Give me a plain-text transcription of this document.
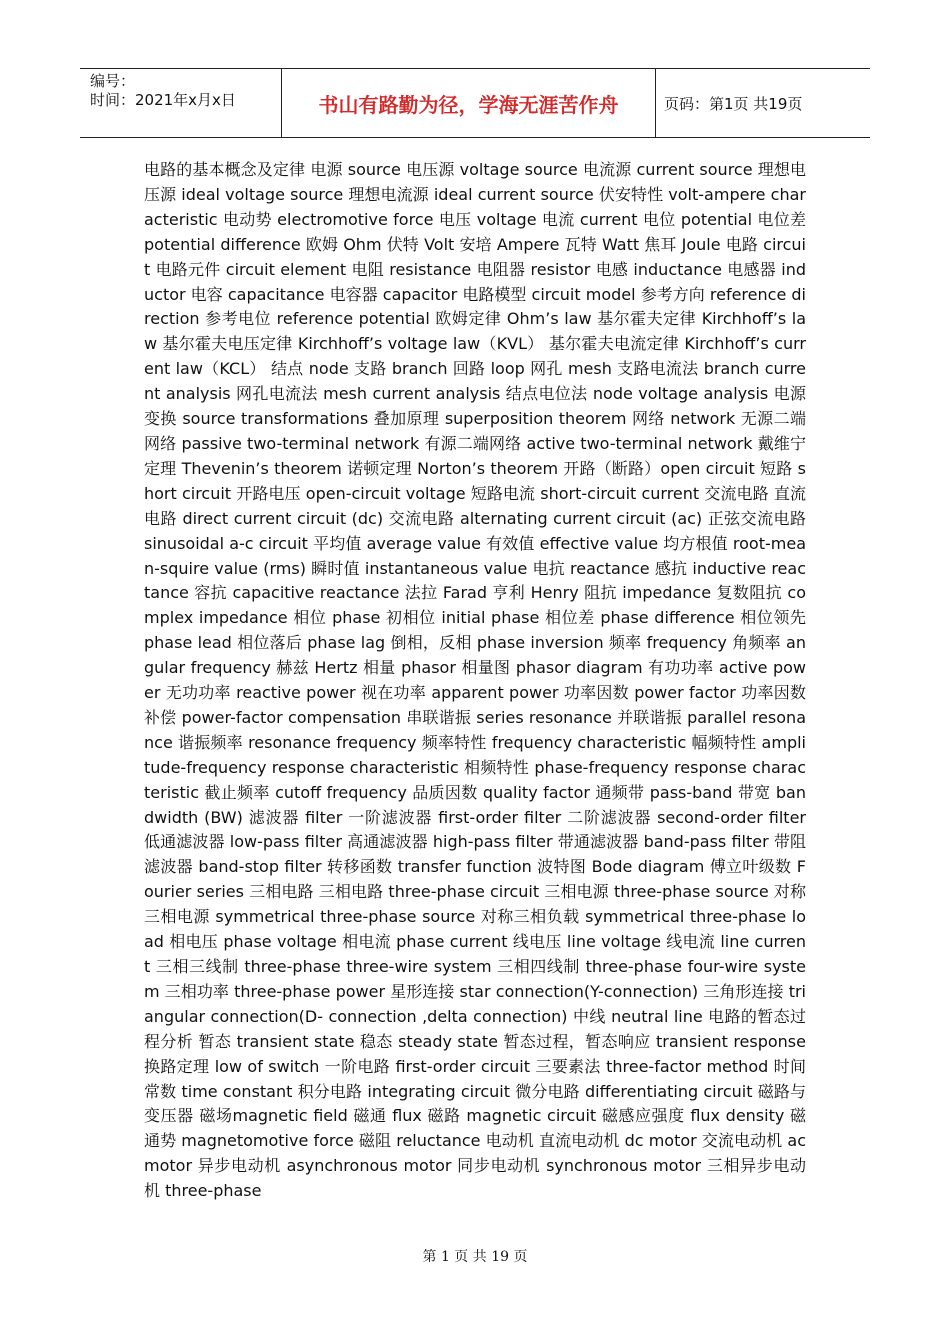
编号：
时间：2021年x月x日	书山有路勤为径，学海无涯苦作舟	页码：第1页 共19页

电路的基本概念及定律 电源 source 电压源 voltage source 电流源 current source 理想电压源 ideal voltage source 理想电流源 ideal current source 伏安特性 volt-ampere characteristic 电动势 electromotive force 电压 voltage 电流 current 电位 potential 电位差 potential difference 欧姆 Ohm 伏特 Volt 安培 Ampere 瓦特 Watt 焦耳 Joule 电路 circuit 电路元件 circuit element 电阻 resistance 电阻器 resistor 电感 inductance 电感器 inductor 电容 capacitance 电容器 capacitor 电路模型 circuit model 参考方向 reference direction 参考电位 reference potential 欧姆定律 Ohm’s law 基尔霍夫定律 Kirchhoff’s law 基尔霍夫电压定律 Kirchhoff’s voltage law（KVL） 基尔霍夫电流定律 Kirchhoff’s current law（KCL） 结点 node 支路 branch 回路 loop 网孔 mesh 支路电流法 branch current analysis 网孔电流法 mesh current analysis 结点电位法 node voltage analysis 电源变换 source transformations 叠加原理 superposition theorem 网络 network 无源二端网络 passive two-terminal network 有源二端网络 active two-terminal network 戴维宁定理 Thevenin’s theorem 诺顿定理 Norton’s theorem 开路（断路）open circuit 短路 short circuit 开路电压 open-circuit voltage 短路电流 short-circuit current 交流电路 直流电路 direct current circuit (dc) 交流电路 alternating current circuit (ac) 正弦交流电路 sinusoidal a-c circuit 平均值 average value 有效值 effective value 均方根值 root-mean-squire value (rms) 瞬时值 instantaneous value 电抗 reactance 感抗 inductive reactance 容抗 capacitive reactance 法拉 Farad 亨利 Henry 阻抗 impedance 复数阻抗 complex impedance 相位 phase 初相位 initial phase 相位差 phase difference 相位领先 phase lead 相位落后 phase lag 倒相，反相 phase inversion 频率 frequency 角频率 angular frequency 赫兹 Hertz 相量 phasor 相量图 phasor diagram 有功功率 active power 无功功率 reactive power 视在功率 apparent power 功率因数 power factor 功率因数补偿 power-factor compensation 串联谐振 series resonance 并联谐振 parallel resonance 谐振频率 resonance frequency 频率特性 frequency characteristic 幅频特性 amplitude-frequency response characteristic 相频特性 phase-frequency response characteristic 截止频率 cutoff frequency 品质因数 quality factor 通频带 pass-band 带宽 bandwidth (BW) 滤波器 filter 一阶滤波器 first-order filter 二阶滤波器 second-order filter 低通滤波器 low-pass filter 高通滤波器 high-pass filter 带通滤波器 band-pass filter 带阻滤波器 band-stop filter 转移函数 transfer function 波特图 Bode diagram 傅立叶级数 Fourier series 三相电路 三相电路 three-phase circuit 三相电源 three-phase source 对称三相电源 symmetrical three-phase source 对称三相负载 symmetrical three-phase load 相电压 phase voltage 相电流 phase current 线电压 line voltage 线电流 line current 三相三线制 three-phase three-wire system 三相四线制 three-phase four-wire system 三相功率 three-phase power 星形连接 star connection(Y-connection) 三角形连接 triangular connection(D- connection ,delta connection) 中线 neutral line 电路的暂态过程分析 暂态 transient state 稳态 steady state 暂态过程，暂态响应 transient response 换路定理 low of switch 一阶电路 first-order circuit 三要素法 three-factor method 时间常数 time constant 积分电路 integrating circuit 微分电路 differentiating circuit 磁路与变压器 磁场magnetic field 磁通 flux 磁路 magnetic circuit 磁感应强度 flux density 磁通势 magnetomotive force 磁阻 reluctance 电动机 直流电动机 dc motor 交流电动机 ac motor 异步电动机 asynchronous motor 同步电动机 synchronous motor 三相异步电动机 three-phase

第 1 页 共 19 页
